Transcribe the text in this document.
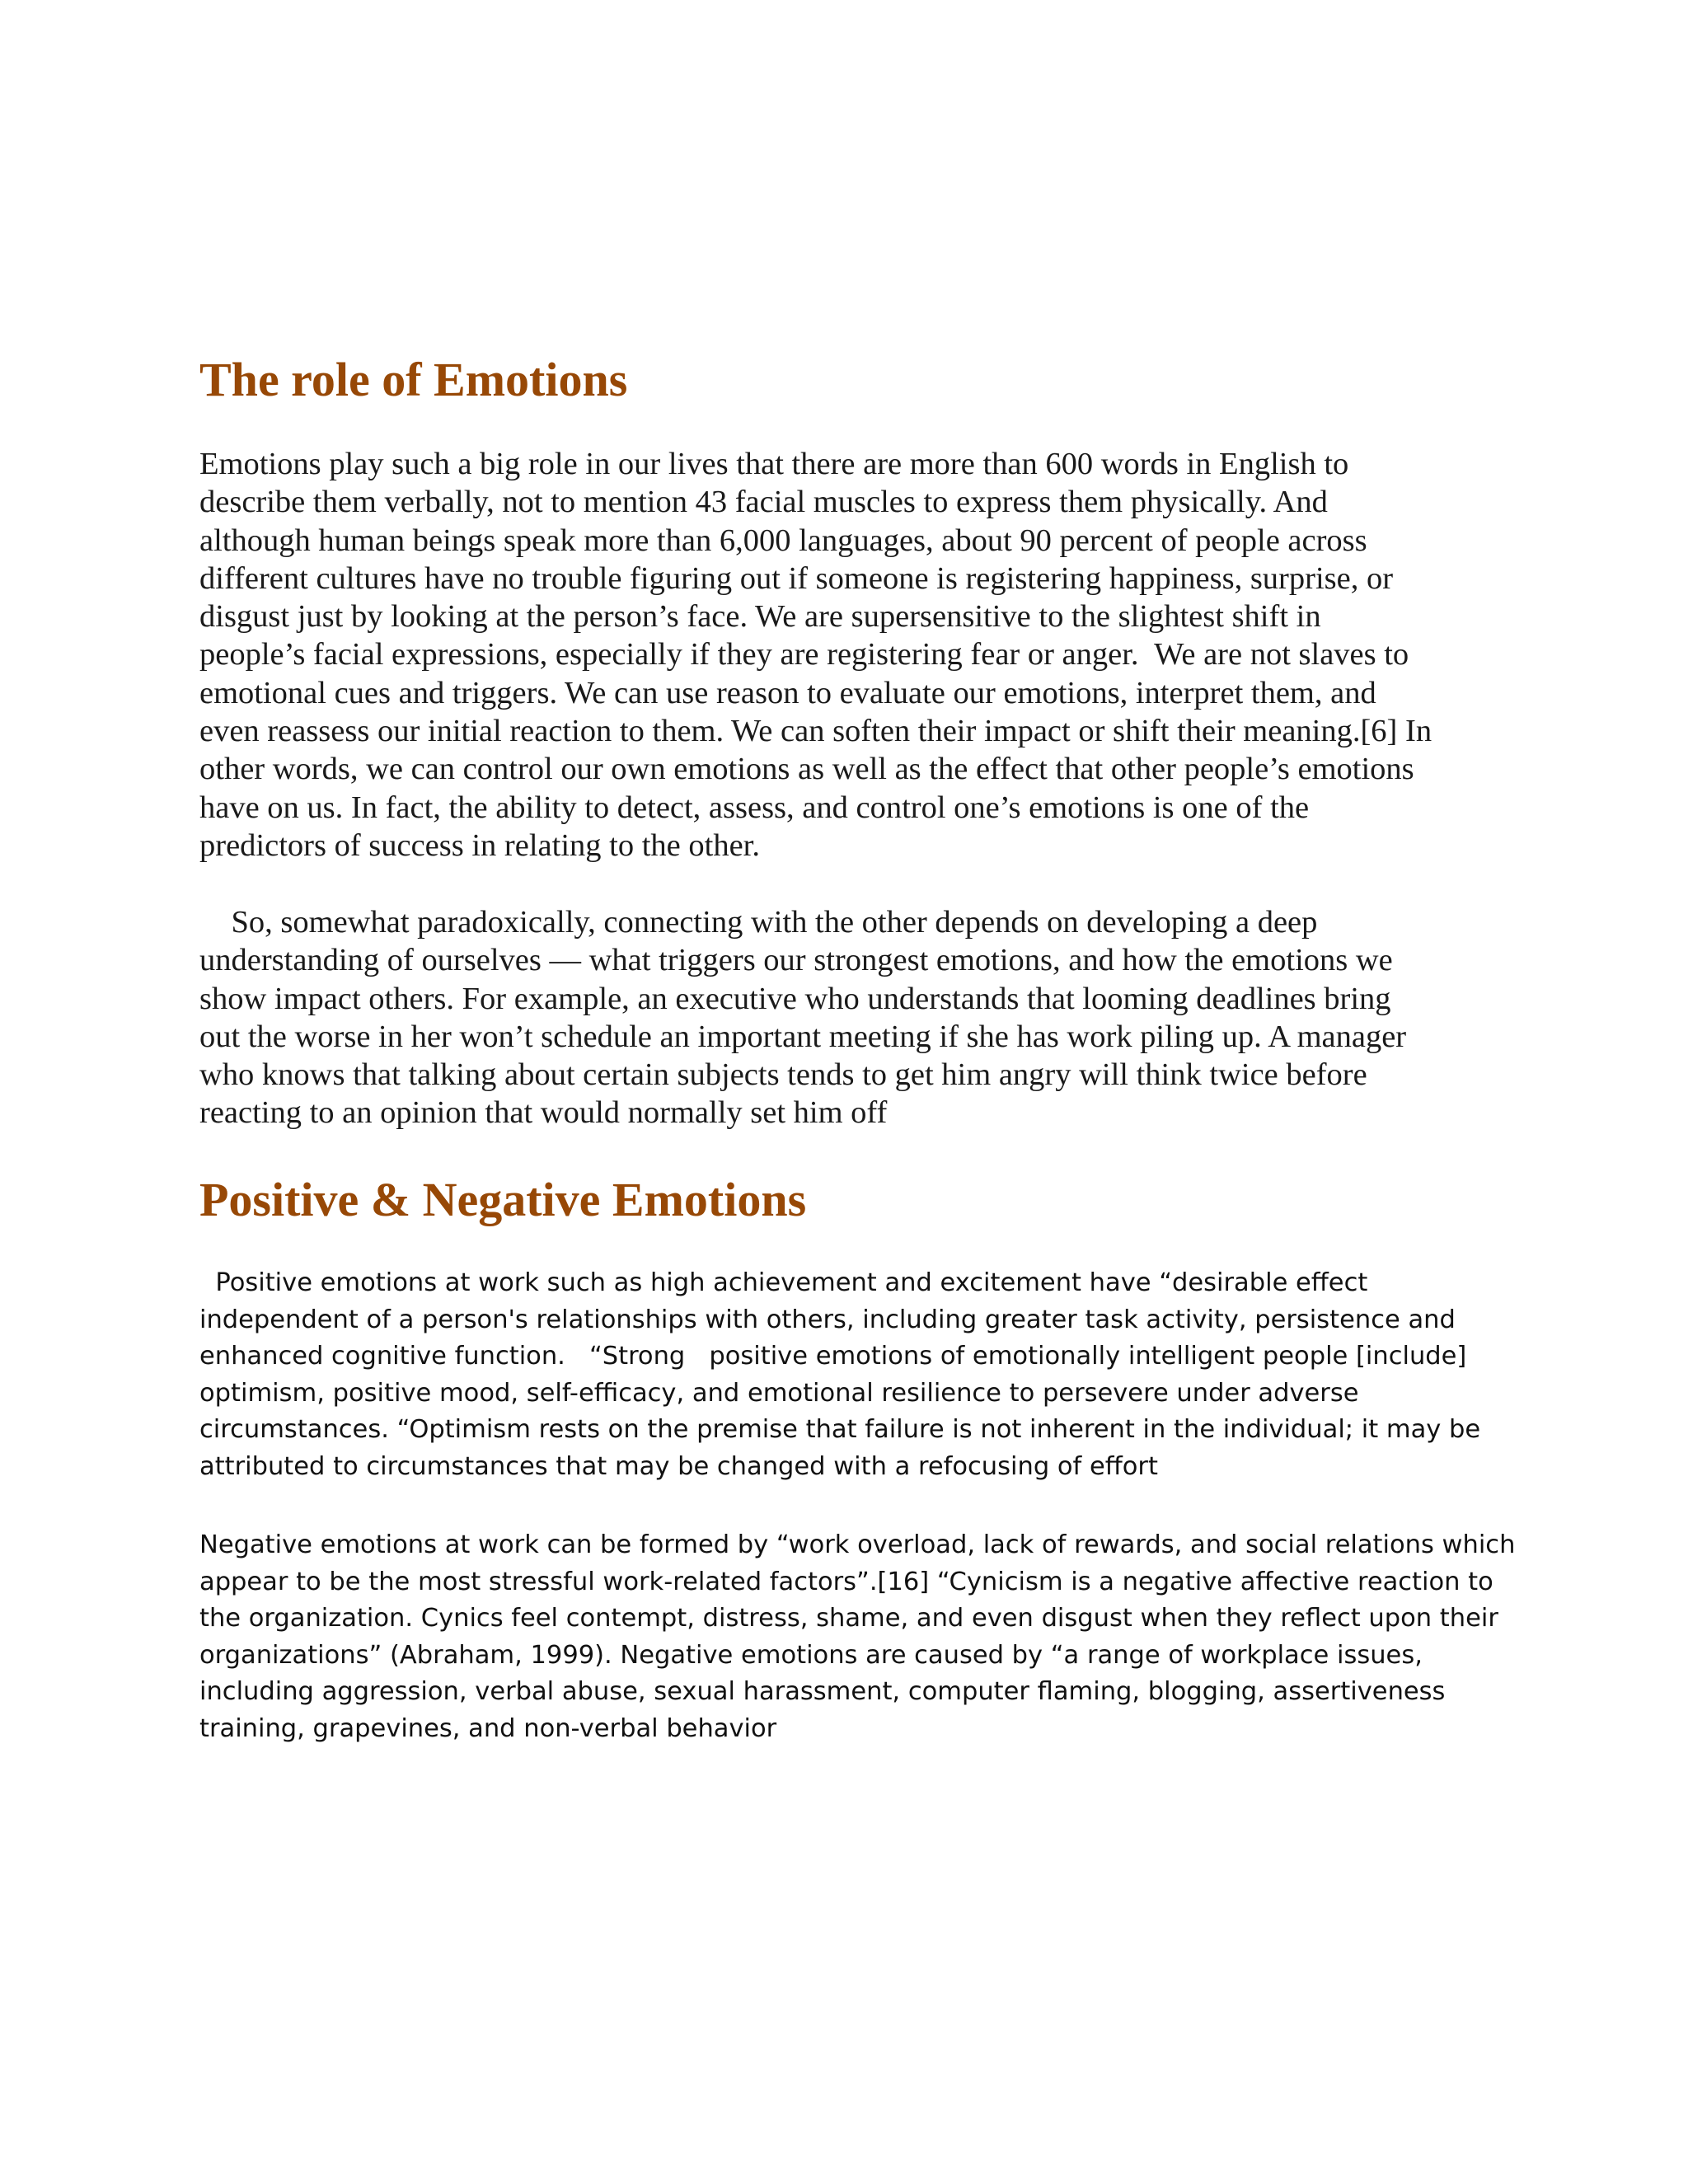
The role of Emotions
Emotions play such a big role in our lives that there are more than 600 words in English to
describe them verbally, not to mention 43 facial muscles to express them physically. And
although human beings speak more than 6,000 languages, about 90 percent of people across
different cultures have no trouble figuring out if someone is registering happiness, surprise, or
disgust just by looking at the person’s face. We are supersensitive to the slightest shift in
people’s facial expressions, especially if they are registering fear or anger.  We are not slaves to
emotional cues and triggers. We can use reason to evaluate our emotions, interpret them, and
even reassess our initial reaction to them. We can soften their impact or shift their meaning.[6] In
other words, we can control our own emotions as well as the effect that other people’s emotions
have on us. In fact, the ability to detect, assess, and control one’s emotions is one of the
predictors of success in relating to the other.
So, somewhat paradoxically, connecting with the other depends on developing a deep
understanding of ourselves — what triggers our strongest emotions, and how the emotions we
show impact others. For example, an executive who understands that looming deadlines bring
out the worse in her won’t schedule an important meeting if she has work piling up. A manager
who knows that talking about certain subjects tends to get him angry will think twice before
reacting to an opinion that would normally set him off
Positive & Negative Emotions
Positive emotions at work such as high achievement and excitement have “desirable effect
independent of a person's relationships with others, including greater task activity, persistence and
enhanced cognitive function.   “Strong   positive emotions of emotionally intelligent people [include]
optimism, positive mood, self-efficacy, and emotional resilience to persevere under adverse
circumstances. “Optimism rests on the premise that failure is not inherent in the individual; it may be
attributed to circumstances that may be changed with a refocusing of effort
Negative emotions at work can be formed by “work overload, lack of rewards, and social relations which
appear to be the most stressful work-related factors”.[16] “Cynicism is a negative affective reaction to
the organization. Cynics feel contempt, distress, shame, and even disgust when they reflect upon their
organizations” (Abraham, 1999). Negative emotions are caused by “a range of workplace issues,
including aggression, verbal abuse, sexual harassment, computer flaming, blogging, assertiveness
training, grapevines, and non-verbal behavior
